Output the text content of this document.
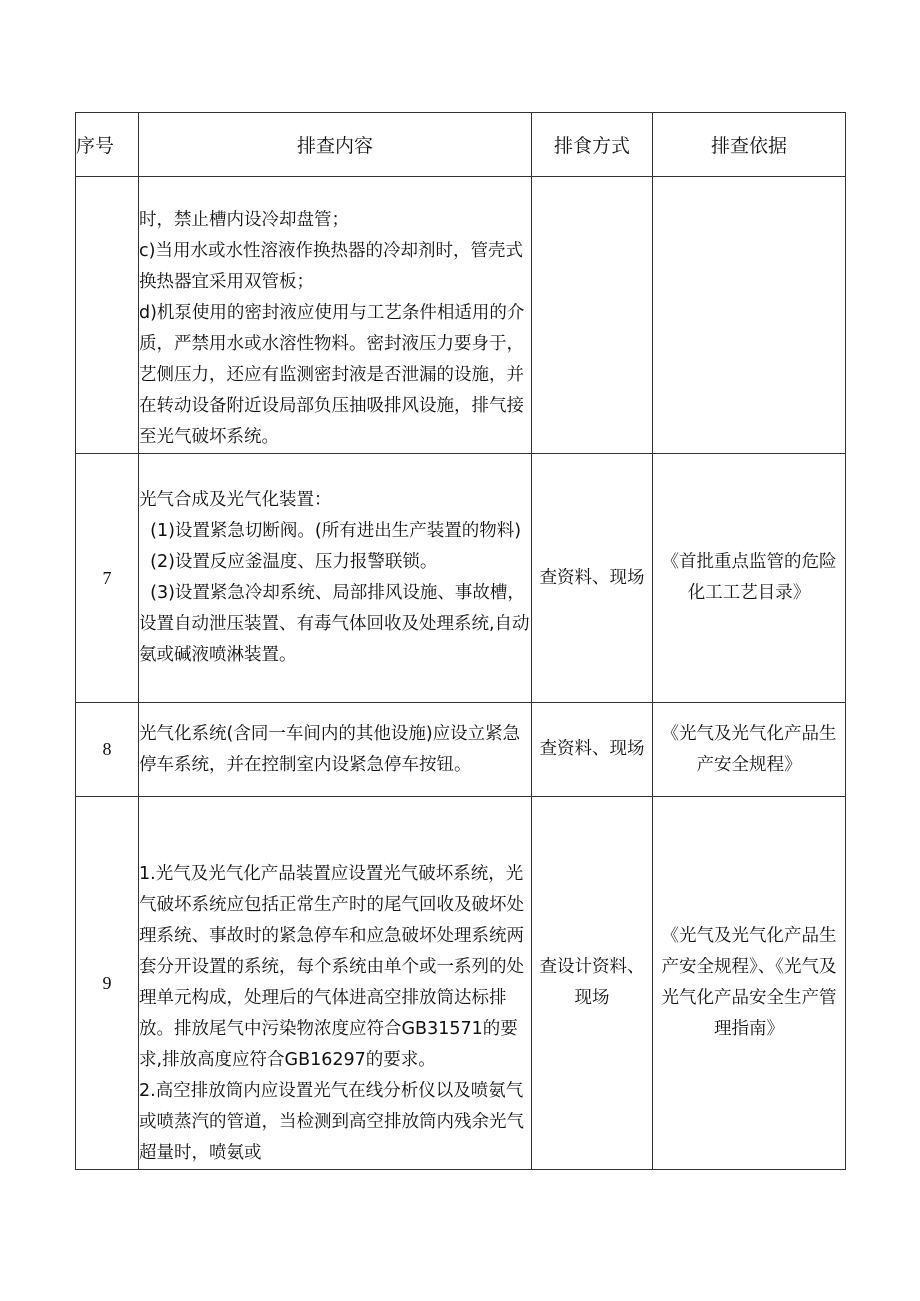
序号	排查内容	排食方式	排查依据

	时，禁止槽内设冷却盘管；

c)当用水或水性溶液作换热器的冷却剂时，管壳式换热器宜采用双管板；

d)机泵使用的密封液应使用与工艺条件相适用的介质，严禁用水或水溶性物料。密封液压力要身于，艺侧压力，还应有监测密封液是否泄漏的设施，并在转动设备附近设局部负压抽吸排风设施，排气接至光气破坏系统。		

7	光气合成及光气化装置：

(1)设置紧急切断阀。(所有进出生产装置的物料)

(2)设置反应釜温度、压力报警联锁。

(3)设置紧急冷却系统、局部排风设施、事故槽，设置自动泄压装置、有毒气体回收及处理系统,自动氨或碱液喷淋装置。	查资料、现场	《首批重点监管的危险化工工艺目录》
8	光气化系统(含同一车间内的其他设施)应设立紧急停车系统，并在控制室内设紧急停车按钮。	查资料、现场	《光气及光气化产品生产安全规程》
9	1.光气及光气化产品装置应设置光气破坏系统，光气破坏系统应包括正常生产时的尾气回收及破坏处理系统、事故时的紧急停车和应急破坏处理系统两套分开设置的系统，每个系统由单个或一系列的处理单元构成，处理后的气体进高空排放筒达标排放。排放尾气中污染物浓度应符合GB31571的要求,排放高度应符合GB16297的要求。

2.高空排放筒内应设置光气在线分析仪以及喷氨气或喷蒸汽的管道，当检测到高空排放筒内残余光气超量时，喷氨或	查设计资料、现场	《光气及光气化产品生产安全规程》、《光气及光气化产品安全生产管理指南》
